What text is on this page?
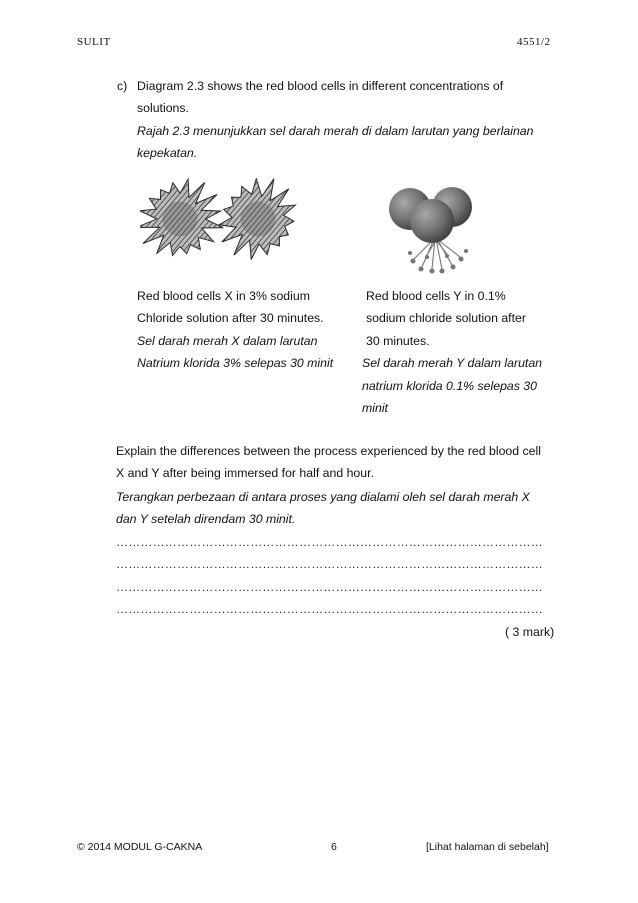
SULIT	4551/2
c) Diagram 2.3 shows the red blood cells in different concentrations of
solutions.
Rajah 2.3 menunjukkan sel darah merah di dalam larutan yang berlainan
kepekatan.
Red blood cells X in 3% sodium
Chloride solution after 30 minutes.
Sel darah merah X dalam larutan
Natrium klorida 3% selepas 30 minit
Red blood cells Y in 0.1%
sodium chloride solution after
30 minutes.
Sel darah merah Y dalam larutan
natrium klorida 0.1% selepas 30
minit
Explain the differences between the process experienced by the red blood cell
X and Y after being immersed for half and hour.
Terangkan perbezaan di antara proses yang dialami oleh sel darah merah X
dan Y setelah direndam 30 minit.
……………………………………………………………………………………………
……………………………………………………………………………………………
……………………………………………………………………………………………
……………………………………………………………………………………………
( 3 mark)
© 2014 MODUL G-CAKNA	6	[Lihat halaman di sebelah]
